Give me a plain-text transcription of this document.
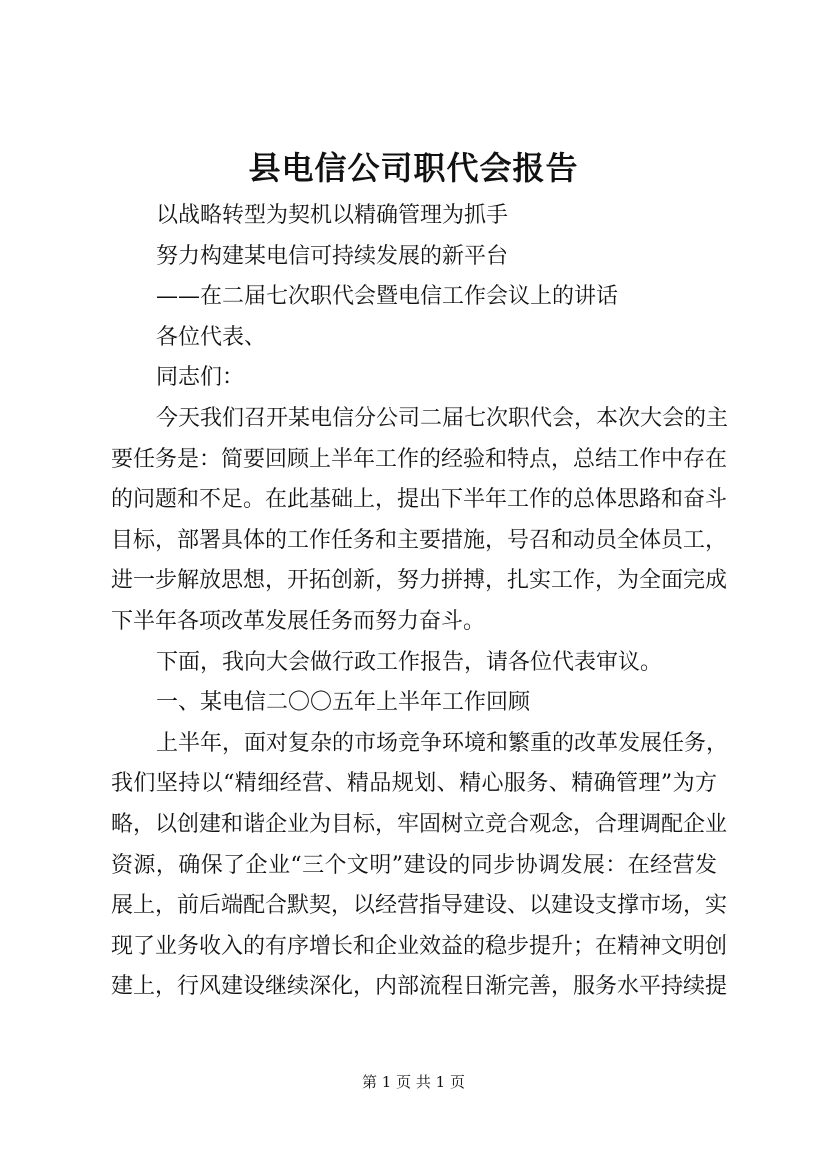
县电信公司职代会报告

以战略转型为契机以精确管理为抓手

努力构建某电信可持续发展的新平台

——在二届七次职代会暨电信工作会议上的讲话

各位代表、

同志们：

今天我们召开某电信分公司二届七次职代会，本次大会的主

要任务是：简要回顾上半年工作的经验和特点，总结工作中存在

的问题和不足。在此基础上，提出下半年工作的总体思路和奋斗

目标，部署具体的工作任务和主要措施，号召和动员全体员工，

进一步解放思想，开拓创新，努力拼搏，扎实工作，为全面完成

下半年各项改革发展任务而努力奋斗。

下面，我向大会做行政工作报告，请各位代表审议。

一、某电信二〇〇五年上半年工作回顾

上半年，面对复杂的市场竞争环境和繁重的改革发展任务，

我们坚持以“精细经营、精品规划、精心服务、精确管理”为方

略，以创建和谐企业为目标，牢固树立竞合观念，合理调配企业

资源，确保了企业“三个文明”建设的同步协调发展：在经营发

展上，前后端配合默契，以经营指导建设、以建设支撑市场，实

现了业务收入的有序增长和企业效益的稳步提升；在精神文明创

建上，行风建设继续深化，内部流程日渐完善，服务水平持续提

第 1 页 共 1 页
